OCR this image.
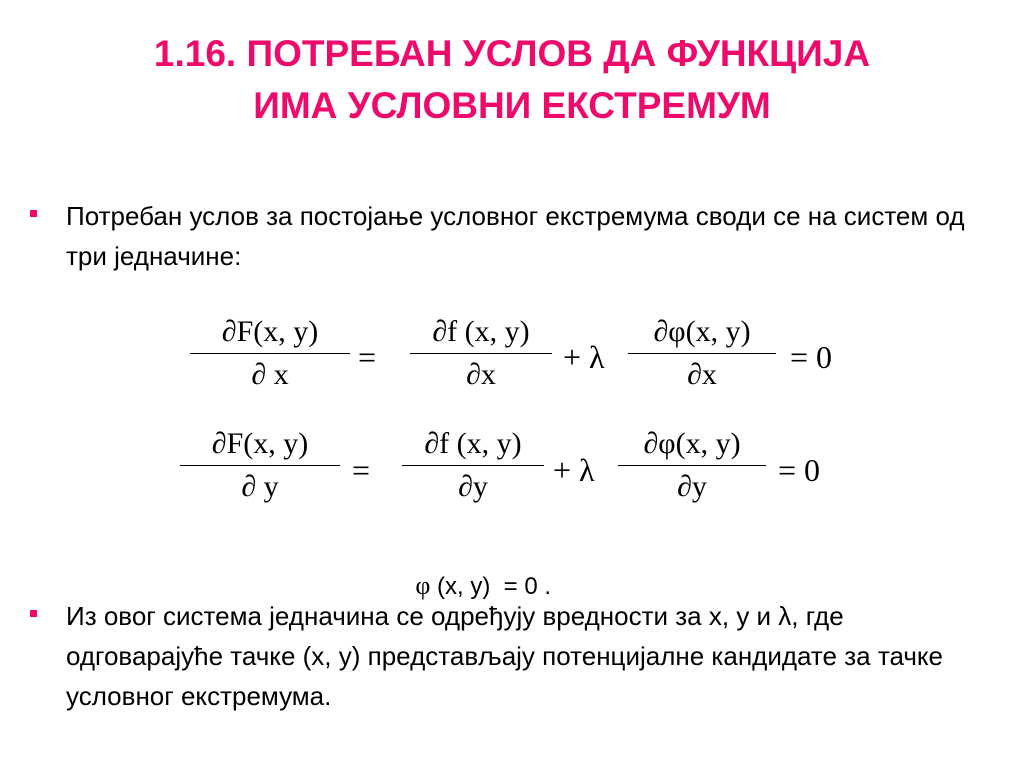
1.16. ПОТРЕБАН УСЛОВ ДА ФУНКЦИЈА
ИМА УСЛОВНИ ЕКСТРЕМУМ
Потребан услов за постојање условног екстремума своди се на систем од три једначине:
∂F(x, y)
∂ x	=
∂f (x, y)
∂x	+ λ
∂φ(x, y)
∂x	= 0
∂F(x, y)
∂ y	=
∂f (x, y)
∂y	+ λ
∂φ(x, y)
∂y	= 0

φ (x, y)  = 0 .

Из овог система једначина се одређују вредности за x, y и λ, где одговарајуће тачке (x, y) представљају потенцијалне кандидате за тачке условног екстремума.
